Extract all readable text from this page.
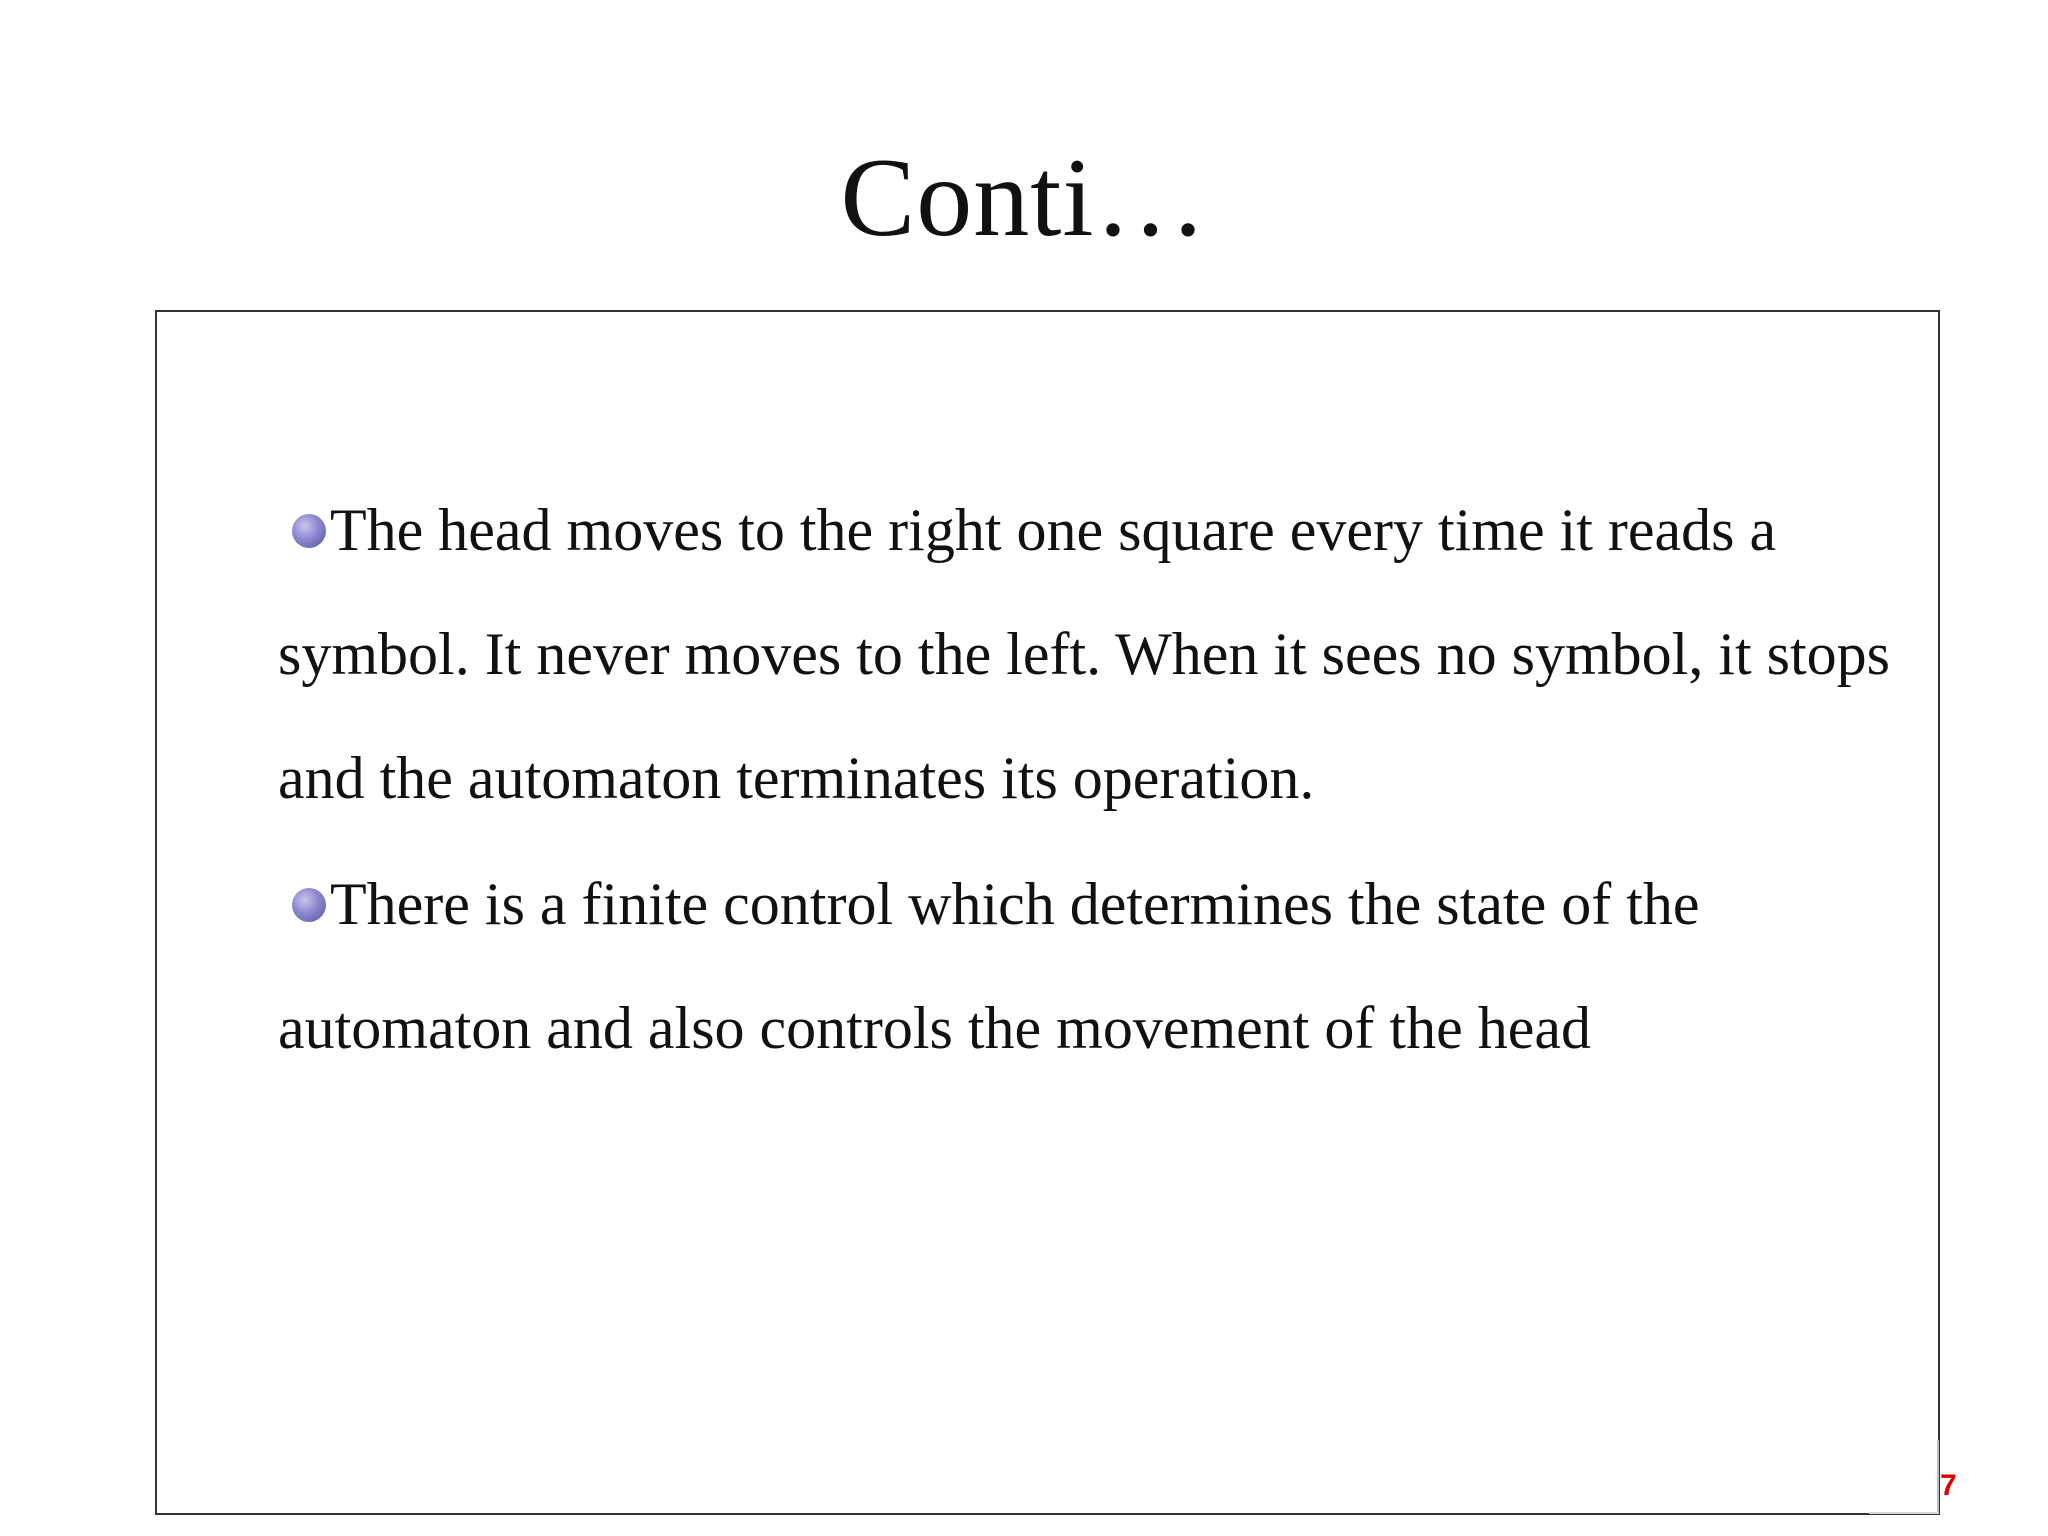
Conti…
The head moves to the right one square every time it reads a symbol. It never moves to the left. When it sees no symbol, it stops and the automaton terminates its operation.
There is a finite control which determines the state of the automaton and also controls the movement of the head
7
